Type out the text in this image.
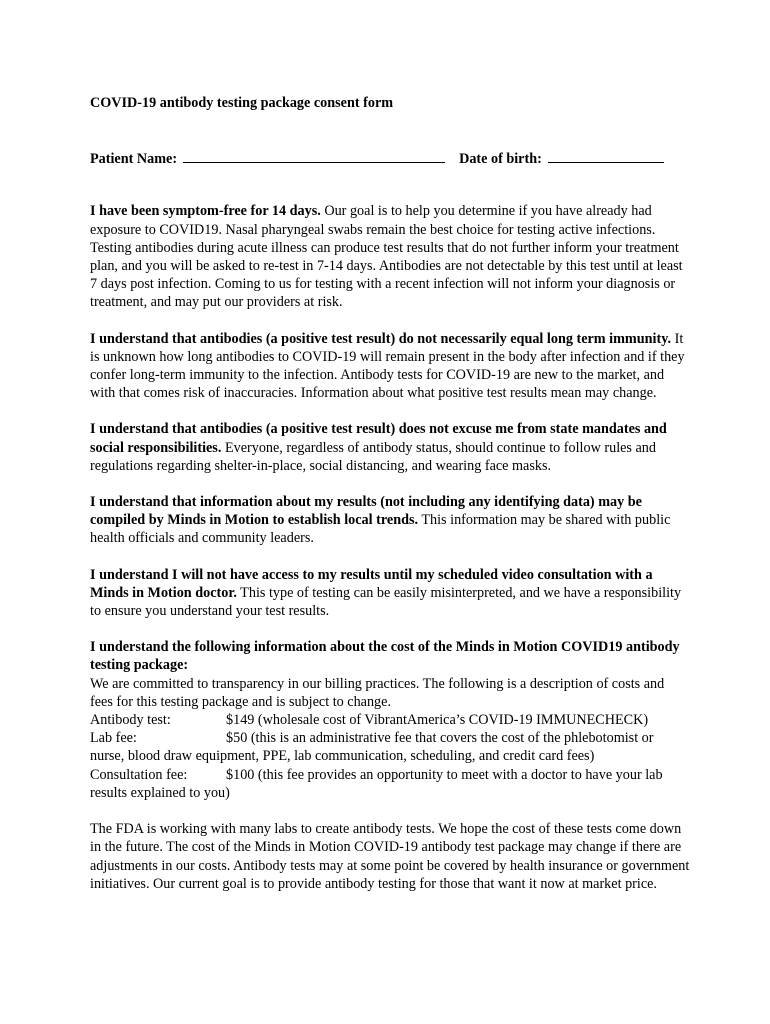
COVID-19 antibody testing package consent form
Patient Name:	Date of birth:

I have been symptom-free for 14 days. Our goal is to help you determine if you have already had exposure to COVID19. Nasal pharyngeal swabs remain the best choice for testing active infections. Testing antibodies during acute illness can produce test results that do not further inform your treatment plan, and you will be asked to re-test in 7-14 days. Antibodies are not detectable by this test until at least 7 days post infection. Coming to us for testing with a recent infection will not inform your diagnosis or treatment, and may put our providers at risk.

I understand that antibodies (a positive test result) do not necessarily equal long term immunity. It is unknown how long antibodies to COVID-19 will remain present in the body after infection and if they confer long-term immunity to the infection. Antibody tests for COVID-19 are new to the market, and with that comes risk of inaccuracies. Information about what positive test results mean may change.

I understand that antibodies (a positive test result) does not excuse me from state mandates and social responsibilities. Everyone, regardless of antibody status, should continue to follow rules and regulations regarding shelter-in-place, social distancing, and wearing face masks.

I understand that information about my results (not including any identifying data) may be compiled by Minds in Motion to establish local trends. This information may be shared with public health officials and community leaders.

I understand I will not have access to my results until my scheduled video consultation with a Minds in Motion doctor. This type of testing can be easily misinterpreted, and we have a responsibility to ensure you understand your test results.

I understand the following information about the cost of the Minds in Motion COVID19 antibody testing package:
We are committed to transparency in our billing practices. The following is a description of costs and fees for this testing package and is subject to change.
Antibody test:	$149 (wholesale cost of VibrantAmerica’s COVID-19 IMMUNECHECK)
Lab fee:	$50 (this is an administrative fee that covers the cost of the phlebotomist or nurse, blood draw equipment, PPE, lab communication, scheduling, and credit card fees)
Consultation fee:	$100 (this fee provides an opportunity to meet with a doctor to have your lab results explained to you)

The FDA is working with many labs to create antibody tests. We hope the cost of these tests come down in the future. The cost of the Minds in Motion COVID-19 antibody test package may change if there are adjustments in our costs. Antibody tests may at some point be covered by health insurance or government initiatives. Our current goal is to provide antibody testing for those that want it now at market price.
